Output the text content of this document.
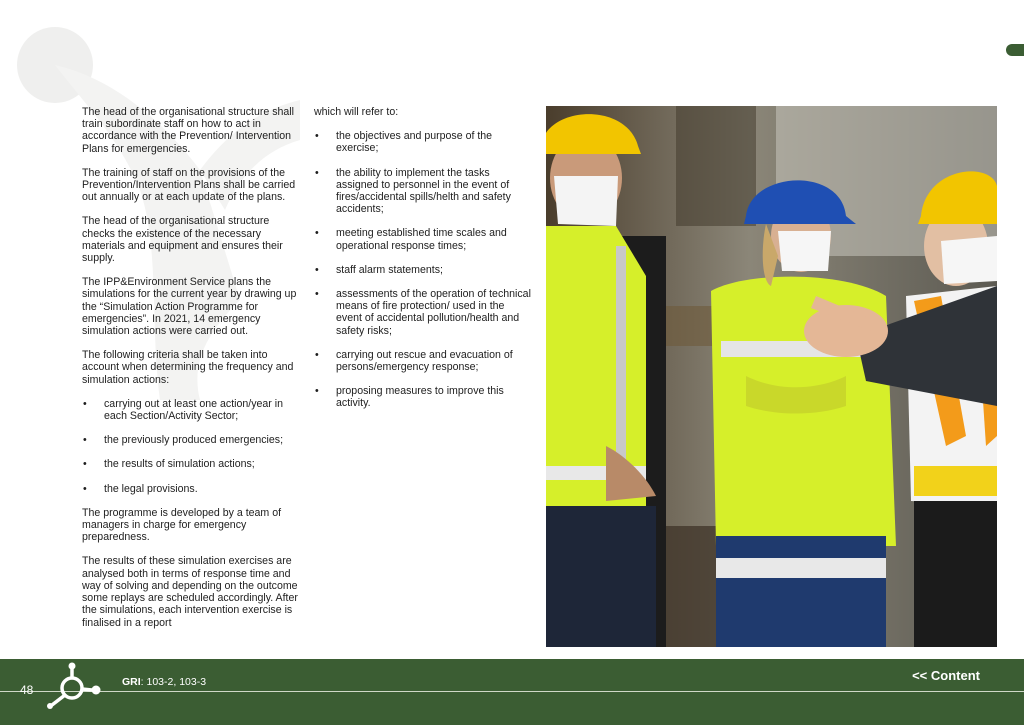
The head of the organisational structure shall train subordinate staff on how to act in accordance with the Prevention/ Intervention Plans for emergencies.

The training of staff on the provisions of the Prevention/Intervention Plans shall be carried out annually or at each update of the plans.

The head of the organisational structure checks the existence of the necessary materials and equipment and ensures their supply.

The IPP&Environment Service plans the simulations for the current year by drawing up the “Simulation Action Programme for emergencies”. In 2021, 14 emergency simulation actions were carried out.

The following criteria shall be taken into account when determining the frequency and simulation actions:

• carrying out at least one action/year in each Section/Activity Sector;
• the previously produced emergencies;
• the results of simulation actions;
• the legal provisions.

The programme is developed by a team of managers in charge for emergency preparedness.

The results of these simulation exercises are analysed both in terms of response time and way of solving and depending on the outcome some replays are scheduled accordingly. After the simulations, each intervention exercise is finalised in a report

which will refer to:
• the objectives and purpose of the exercise;
• the ability to implement the tasks assigned to personnel in the event of fires/accidental spills/helth and safety accidents;
• meeting established time scales and operational response times;
• staff alarm statements;
• assessments of the operation of technical means of fire protection/ used in the event of accidental pollution/health and safety risks;
• carrying out rescue and evacuation of persons/emergency response;
• proposing measures to improve this activity.
48
GRI: 103-2, 103-3	<< Content
